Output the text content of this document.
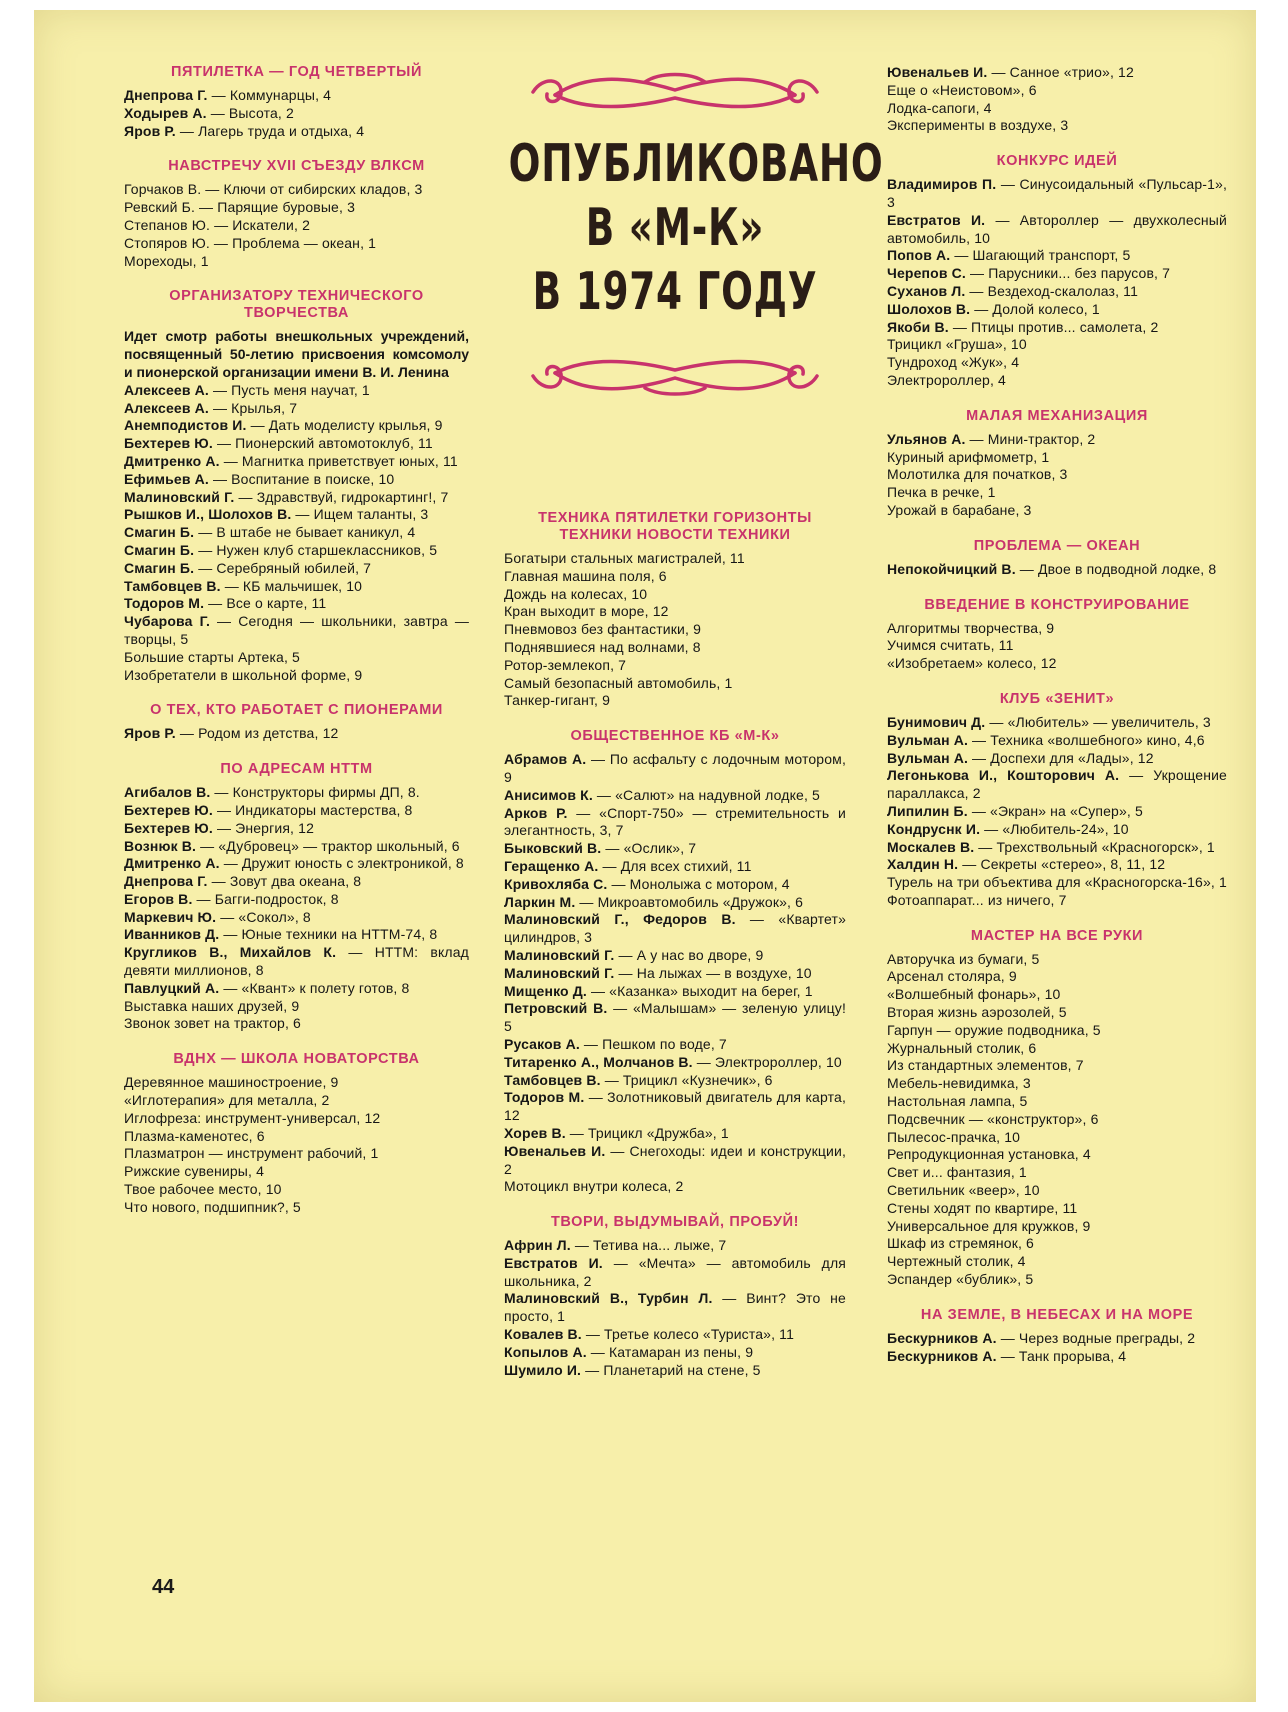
ПЯТИЛЕТКА — ГОД ЧЕТВЕРТЫЙ
Днепрова Г. — Коммунарцы, 4
Ходырев А. — Высота, 2
Яров Р. — Лагерь труда и отдыха, 4
НАВСТРЕЧУ XVII СЪЕЗДУ ВЛКСМ
Горчаков В. — Ключи от сибирских кладов, 3
Ревский Б. — Парящие буровые, 3
Степанов Ю. — Искатели, 2
Стопяров Ю. — Проблема — океан, 1
Мореходы, 1
ОРГАНИЗАТОРУ ТЕХНИЧЕСКОГО ТВОРЧЕСТВА
Идет смотр работы внешкольных учреждений, посвященный 50-летию присвоения комсомолу и пионерской организации имени В. И. Ленина
Алексеев А. — Пусть меня научат, 1
Алексеев А. — Крылья, 7
Анемподистов И. — Дать моделисту крылья, 9
Бехтерев Ю. — Пионерский автомотоклуб, 11
Дмитренко А. — Магнитка приветствует юных, 11
Ефимьев А. — Воспитание в поиске, 10
Малиновский Г. — Здравствуй, гидрокартинг!, 7
Рышков И., Шолохов В. — Ищем таланты, 3
Смагин Б. — В штабе не бывает каникул, 4
Смагин Б. — Нужен клуб старшеклассников, 5
Смагин Б. — Серебряный юбилей, 7
Тамбовцев В. — КБ мальчишек, 10
Тодоров М. — Все о карте, 11
Чубарова Г. — Сегодня — школьники, завтра — творцы, 5
Большие старты Артека, 5
Изобретатели в школьной форме, 9
О ТЕХ, КТО РАБОТАЕТ С ПИОНЕРАМИ
Яров Р. — Родом из детства, 12
ПО АДРЕСАМ НТТМ
Агибалов В. — Конструкторы фирмы ДП, 8.
Бехтерев Ю. — Индикаторы мастерства, 8
Бехтерев Ю. — Энергия, 12
Вознюк В. — «Дубровец» — трактор школьный, 6
Дмитренко А. — Дружит юность с электроникой, 8
Днепрова Г. — Зовут два океана, 8
Егоров В. — Багги-подросток, 8
Маркевич Ю. — «Сокол», 8
Иванников Д. — Юные техники на НТТМ-74, 8
Кругликов В., Михайлов К. — НТТМ: вклад девяти миллионов, 8
Павлуцкий А. — «Квант» к полету готов, 8
Выставка наших друзей, 9
Звонок зовет на трактор, 6
ВДНХ — ШКОЛА НОВАТОРСТВА
Деревянное машиностроение, 9
«Иглотерапия» для металла, 2
Иглофреза: инструмент-универсал, 12
Плазма-каменотес, 6
Плазматрон — инструмент рабочий, 1
Рижские сувениры, 4
Твое рабочее место, 10
Что нового, подшипник?, 5
ОПУБЛИКОВАНО
В «М-К»
В 1974 ГОДУ
ТЕХНИКА ПЯТИЛЕТКИ ГОРИЗОНТЫ ТЕХНИКИ НОВОСТИ ТЕХНИКИ
Богатыри стальных магистралей, 11
Главная машина поля, 6
Дождь на колесах, 10
Кран выходит в море, 12
Пневмовоз без фантастики, 9
Поднявшиеся над волнами, 8
Ротор-землекоп, 7
Самый безопасный автомобиль, 1
Танкер-гигант, 9
ОБЩЕСТВЕННОЕ КБ «М-К»
Абрамов А. — По асфальту с лодочным мотором, 9
Анисимов К. — «Салют» на надувной лодке, 5
Арков Р. — «Спорт-750» — стремительность и элегантность, 3, 7
Быковский В. — «Ослик», 7
Геращенко А. — Для всех стихий, 11
Кривохляба С. — Монолыжа с мотором, 4
Ларкин М. — Микроавтомобиль «Дружок», 6
Малиновский Г., Федоров В. — «Квартет» цилиндров, 3
Малиновский Г. — А у нас во дворе, 9
Малиновский Г. — На лыжах — в воздухе, 10
Мищенко Д. — «Казанка» выходит на берег, 1
Петровский В. — «Малышам» — зеленую улицу! 5
Русаков А. — Пешком по воде, 7
Титаренко А., Молчанов В. — Электророллер, 10
Тамбовцев В. — Трицикл «Кузнечик», 6
Тодоров М. — Золотниковый двигатель для карта, 12
Хорев В. — Трицикл «Дружба», 1
Ювенальев И. — Снегоходы: идеи и конструкции, 2
Мотоцикл внутри колеса, 2
ТВОРИ, ВЫДУМЫВАЙ, ПРОБУЙ!
Африн Л. — Тетива на... лыже, 7
Евстратов И. — «Мечта» — автомобиль для школьника, 2
Малиновский В., Турбин Л. — Винт? Это не просто, 1
Ковалев В. — Третье колесо «Туриста», 11
Копылов А. — Катамаран из пены, 9
Шумило И. — Планетарий на стене, 5
Ювенальев И. — Санное «трио», 12
Еще о «Неистовом», 6
Лодка-сапоги, 4
Эксперименты в воздухе, 3
КОНКУРС ИДЕЙ
Владимиров П. — Синусоидальный «Пульсар-1», 3
Евстратов И. — Автороллер — двухколесный автомобиль, 10
Попов А. — Шагающий транспорт, 5
Черепов С. — Парусники... без парусов, 7
Суханов Л. — Вездеход-скалолаз, 11
Шолохов В. — Долой колесо, 1
Якоби В. — Птицы против... самолета, 2
Трицикл «Груша», 10
Тундроход «Жук», 4
Электророллер, 4
МАЛАЯ МЕХАНИЗАЦИЯ
Ульянов А. — Мини-трактор, 2
Куриный арифмометр, 1
Молотилка для початков, 3
Печка в речке, 1
Урожай в барабане, 3
ПРОБЛЕМА — ОКЕАН
Непокойчицкий В. — Двое в подводной лодке, 8
ВВЕДЕНИЕ В КОНСТРУИРОВАНИЕ
Алгоритмы творчества, 9
Учимся считать, 11
«Изобретаем» колесо, 12
КЛУБ «ЗЕНИТ»
Бунимович Д. — «Любитель» — увеличитель, 3
Вульман А. — Техника «волшебного» кино, 4,6
Вульман А. — Доспехи для «Лады», 12
Легонькова И., Кошторович А. — Укрощение параллакса, 2
Липилин Б. — «Экран» на «Супер», 5
Кондруснк И. — «Любитель-24», 10
Москалев В. — Трехствольный «Красногорск», 1
Халдин Н. — Секреты «стерео», 8, 11, 12
Турель на три объектива для «Красногорска-16», 1
Фотоаппарат... из ничего, 7
МАСТЕР НА ВСЕ РУКИ
Авторучка из бумаги, 5
Арсенал столяра, 9
«Волшебный фонарь», 10
Вторая жизнь аэрозолей, 5
Гарпун — оружие подводника, 5
Журнальный столик, 6
Из стандартных элементов, 7
Мебель-невидимка, 3
Настольная лампа, 5
Подсвечник — «конструктор», 6
Пылесос-прачка, 10
Репродукционная установка, 4
Свет и... фантазия, 1
Светильник «веер», 10
Стены ходят по квартире, 11
Универсальное для кружков, 9
Шкаф из стремянок, 6
Чертежный столик, 4
Эспандер «бублик», 5
НА ЗЕМЛЕ, В НЕБЕСАХ И НА МОРЕ
Бескурников А. — Через водные преграды, 2
Бескурников А. — Танк прорыва, 4
44
